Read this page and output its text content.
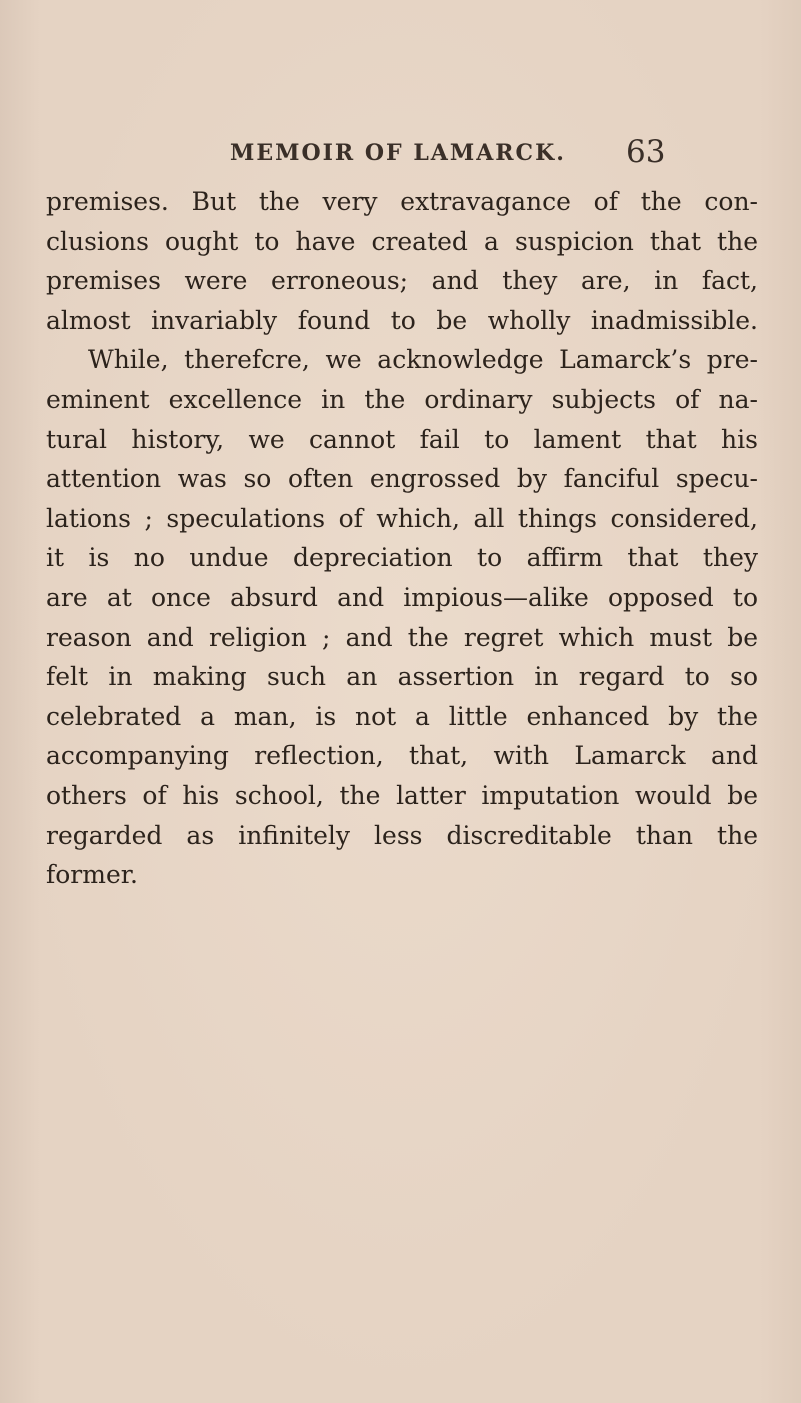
MEMOIR OF LAMARCK.	63
premises. But the very extravagance of the con-
clusions ought to have created a suspicion that the
premises were erroneous; and they are, in fact,
almost invariably found to be wholly inadmissible.
While, therefcre, we acknowledge Lamarck’s pre-
eminent excellence in the ordinary subjects of na-
tural history, we cannot fail to lament that his
attention was so often engrossed by fanciful specu-
lations ; speculations of which, all things considered,
it is no undue depreciation to affirm that they
are at once absurd and impious—alike opposed to
reason and religion ; and the regret which must be
felt in making such an assertion in regard to so
celebrated a man, is not a little enhanced by the
accompanying reflection, that, with Lamarck and
others of his school, the latter imputation would be
regarded as infinitely less discreditable than the
former.
